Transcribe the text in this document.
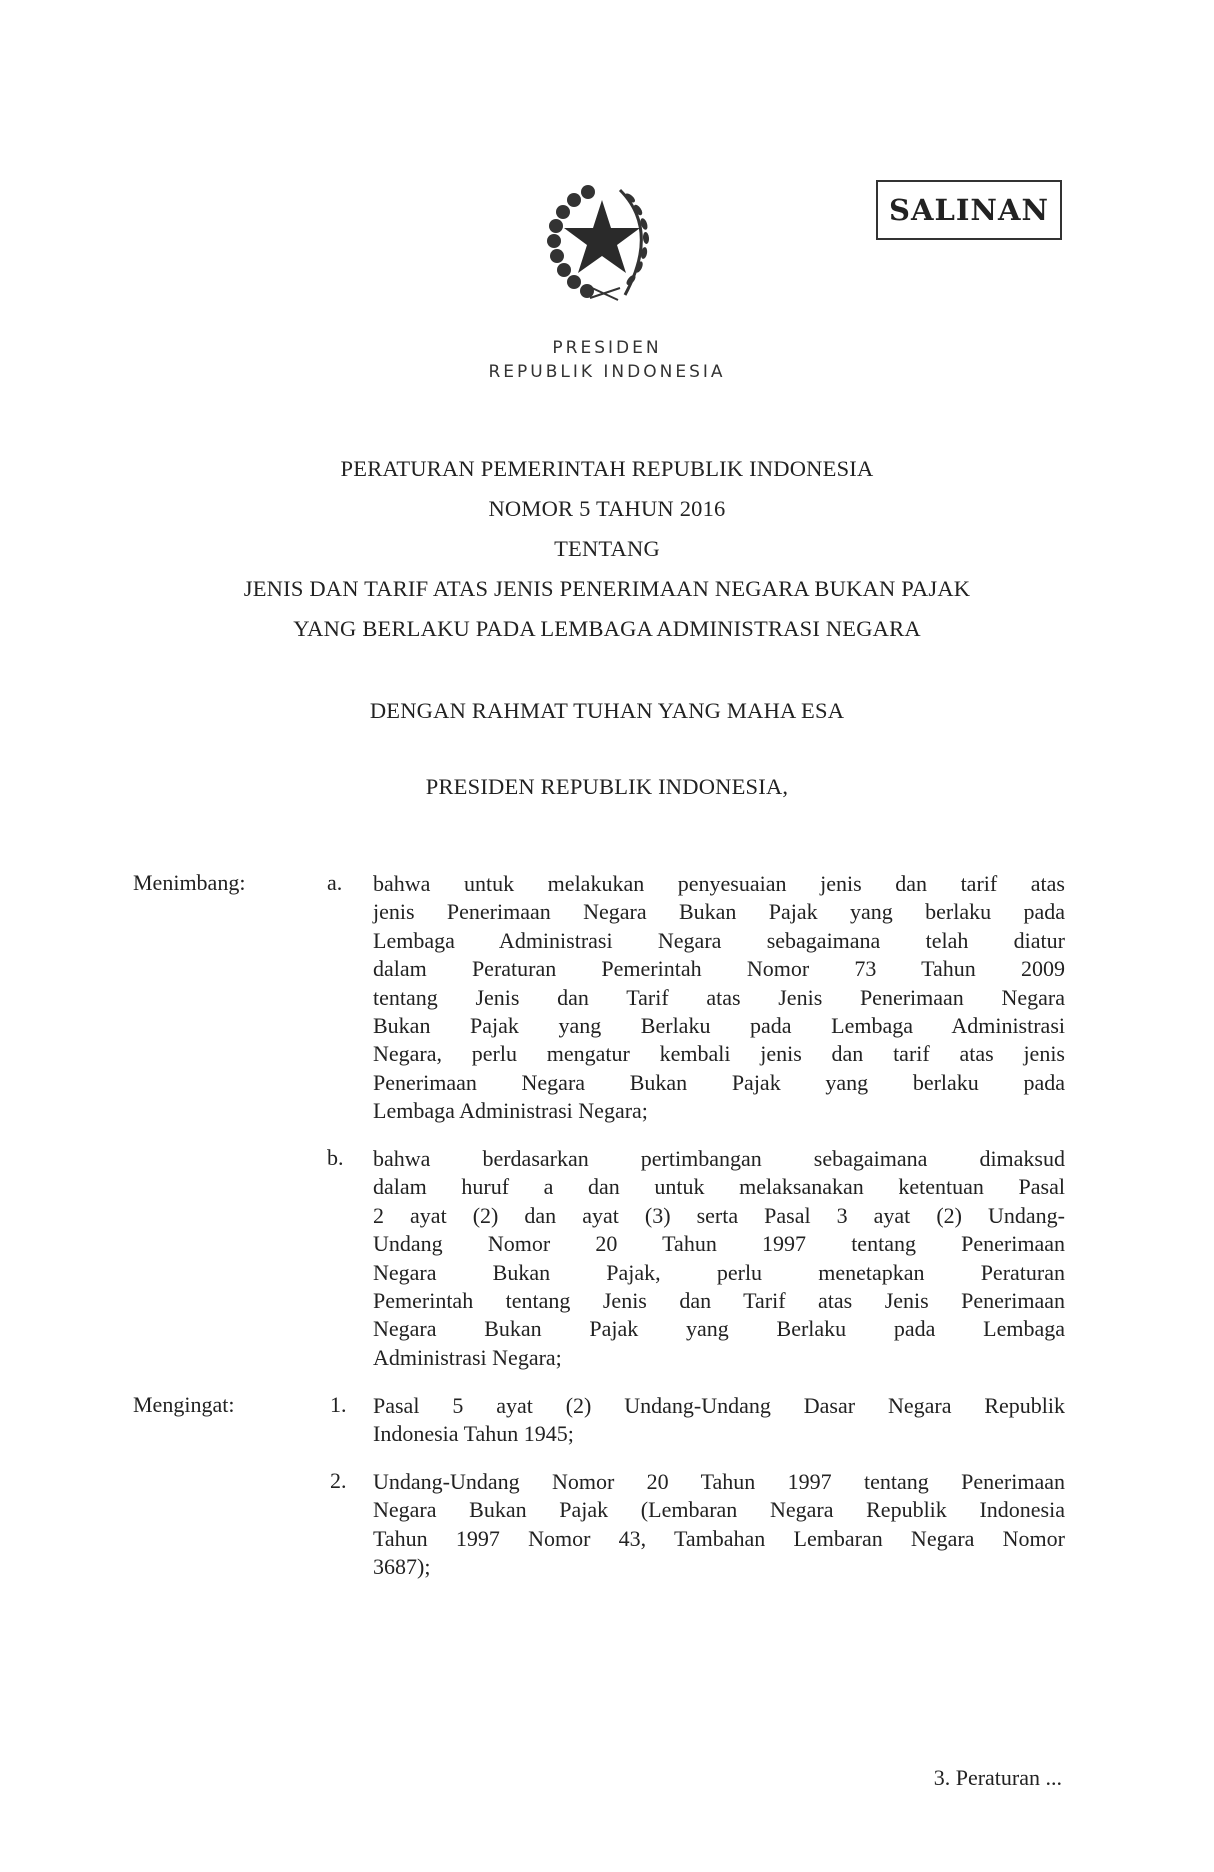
SALINAN
PRESIDEN
REPUBLIK INDONESIA
PERATURAN PEMERINTAH REPUBLIK INDONESIA
NOMOR 5 TAHUN 2016
TENTANG
JENIS DAN TARIF ATAS JENIS PENERIMAAN NEGARA BUKAN PAJAK
YANG BERLAKU PADA LEMBAGA ADMINISTRASI NEGARA
DENGAN RAHMAT TUHAN YANG MAHA ESA
PRESIDEN REPUBLIK INDONESIA,
Menimbang:	a. bahwa untuk melakukan penyesuaian jenis dan tarif atas
jenis Penerimaan Negara Bukan Pajak yang berlaku pada
Lembaga Administrasi Negara sebagaimana telah diatur
dalam Peraturan Pemerintah Nomor 73 Tahun 2009
tentang Jenis dan Tarif atas Jenis Penerimaan Negara
Bukan Pajak yang Berlaku pada Lembaga Administrasi
Negara, perlu mengatur kembali jenis dan tarif atas jenis
Penerimaan Negara Bukan Pajak yang berlaku pada
Lembaga Administrasi Negara;
b. bahwa berdasarkan pertimbangan sebagaimana dimaksud
dalam huruf a dan untuk melaksanakan ketentuan Pasal
2 ayat (2) dan ayat (3) serta Pasal 3 ayat (2) Undang-
Undang Nomor 20 Tahun 1997 tentang Penerimaan
Negara Bukan Pajak, perlu menetapkan Peraturan
Pemerintah tentang Jenis dan Tarif atas Jenis Penerimaan
Negara Bukan Pajak yang Berlaku pada Lembaga
Administrasi Negara;
Mengingat:	1. Pasal 5 ayat (2) Undang-Undang Dasar Negara Republik
Indonesia Tahun 1945;
2. Undang-Undang Nomor 20 Tahun 1997 tentang Penerimaan
Negara Bukan Pajak (Lembaran Negara Republik Indonesia
Tahun 1997 Nomor 43, Tambahan Lembaran Negara Nomor
3687);
3. Peraturan ...
